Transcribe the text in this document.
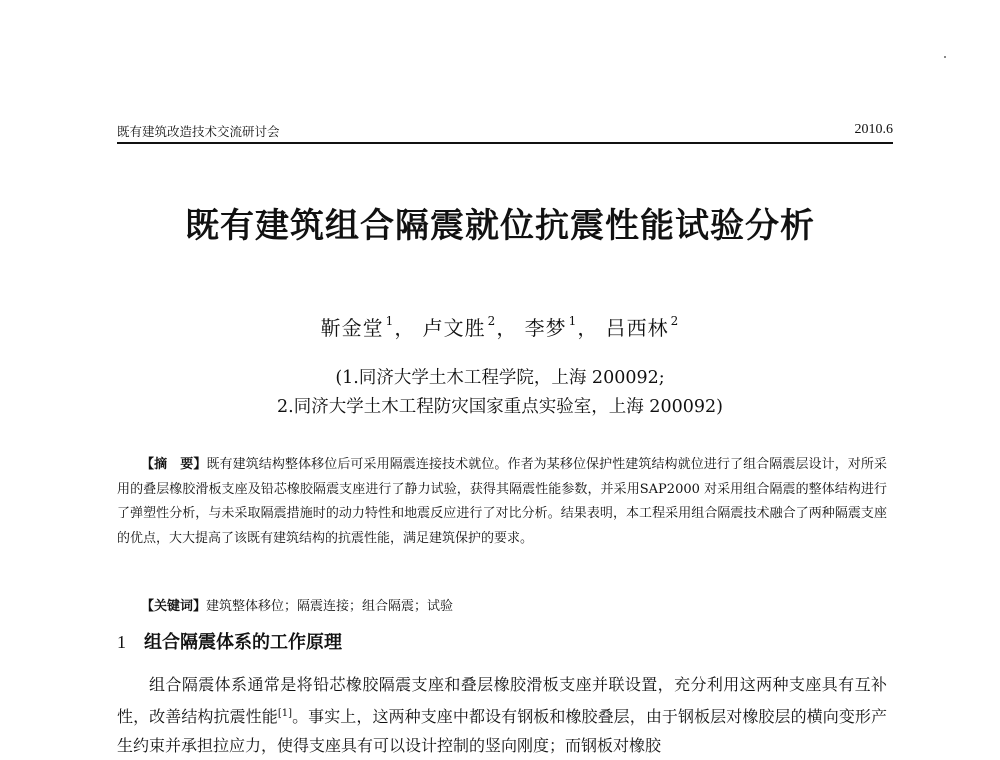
既有建筑改造技术交流研讨会	2010.6
既有建筑组合隔震就位抗震性能试验分析
靳金堂 $^1$， 卢文胜 $^2$， 李梦 $^1$， 吕西林 $^2$
(1.同济大学土木工程学院，上海 200092;
2.同济大学土木工程防灾国家重点实验室，上海 200092)
【摘　要】既有建筑结构整体移位后可采用隔震连接技术就位。作者为某移位保护性建筑结构就位进行了组合隔震层设计，对所采用的叠层橡胶滑板支座及铅芯橡胶隔震支座进行了静力试验，获得其隔震性能参数，并采用SAP2000 对采用组合隔震的整体结构进行了弹塑性分析，与未采取隔震措施时的动力特性和地震反应进行了对比分析。结果表明，本工程采用组合隔震技术融合了两种隔震支座的优点，大大提高了该既有建筑结构的抗震性能，满足建筑保护的要求。
【关键词】建筑整体移位；隔震连接；组合隔震；试验
1 组合隔震体系的工作原理
组合隔震体系通常是将铅芯橡胶隔震支座和叠层橡胶滑板支座并联设置，充分利用这两种支座具有互补性，改善结构抗震性能[1]。事实上，这两种支座中都设有钢板和橡胶叠层，由于钢板层对橡胶层的横向变形产生约束并承担拉应力，使得支座具有可以设计控制的竖向刚度；而钢板对橡胶
